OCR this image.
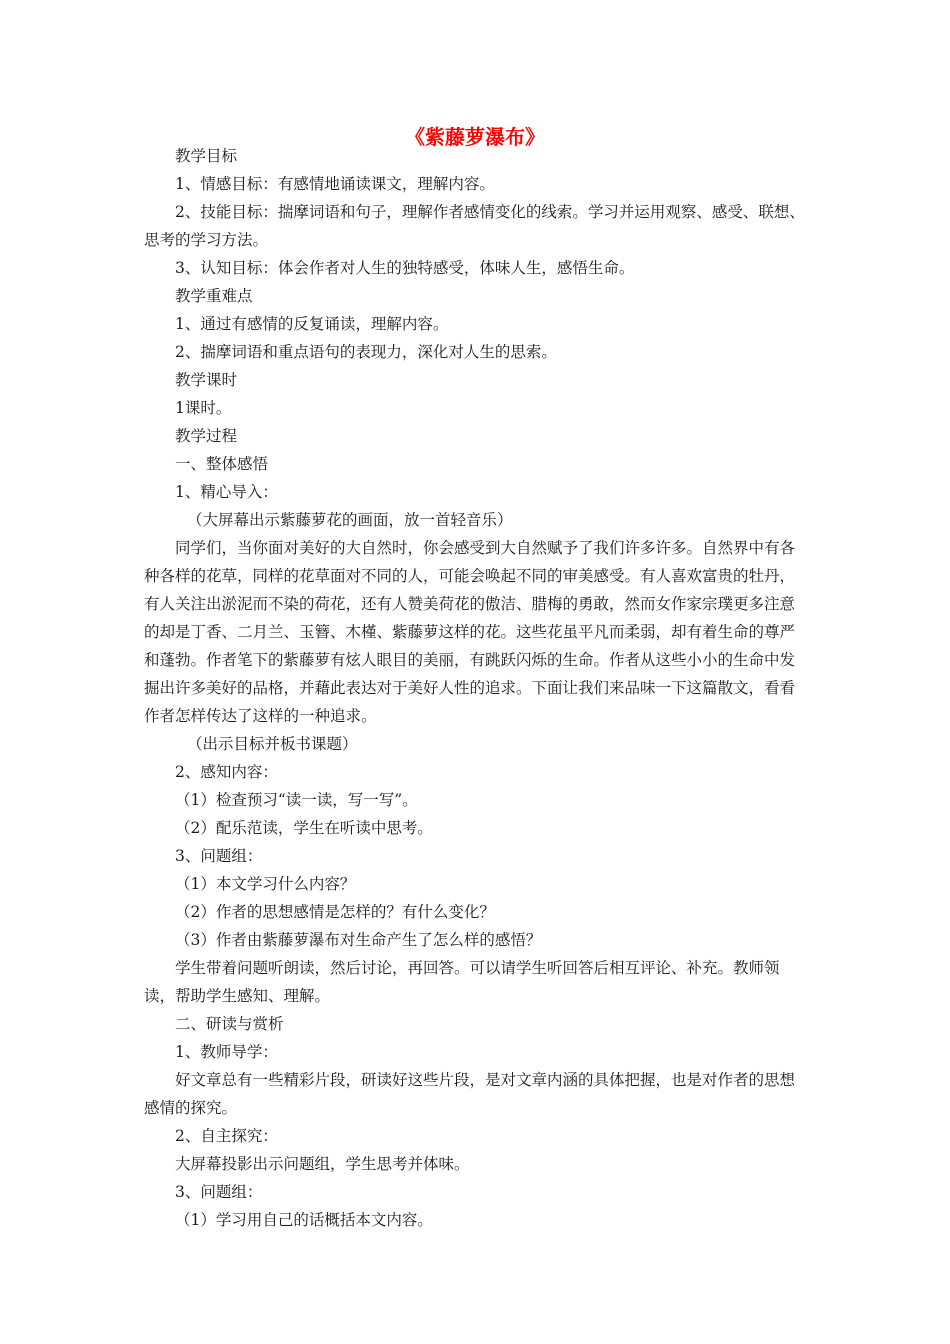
《紫藤萝瀑布》

教学目标

1、情感目标：有感情地诵读课文，理解内容。

2、技能目标：揣摩词语和句子，理解作者感情变化的线索。学习并运用观察、感受、联想、思考的学习方法。

3、认知目标：体会作者对人生的独特感受，体味人生，感悟生命。

教学重难点

1、通过有感情的反复诵读，理解内容。

2、揣摩词语和重点语句的表现力，深化对人生的思索。

教学课时

1课时。

教学过程

一、整体感悟

1、精心导入：

（大屏幕出示紫藤萝花的画面，放一首轻音乐）

同学们，当你面对美好的大自然时，你会感受到大自然赋予了我们许多许多。自然界中有各种各样的花草，同样的花草面对不同的人，可能会唤起不同的审美感受。有人喜欢富贵的牡丹，有人关注出淤泥而不染的荷花，还有人赞美荷花的傲洁、腊梅的勇敢，然而女作家宗璞更多注意的却是丁香、二月兰、玉簪、木槿、紫藤萝这样的花。这些花虽平凡而柔弱，却有着生命的尊严和蓬勃。作者笔下的紫藤萝有炫人眼目的美丽，有跳跃闪烁的生命。作者从这些小小的生命中发掘出许多美好的品格，并藉此表达对于美好人性的追求。下面让我们来品味一下这篇散文，看看作者怎样传达了这样的一种追求。

（出示目标并板书课题）

2、感知内容：

（1）检查预习“读一读，写一写”。

（2）配乐范读，学生在听读中思考。

3、问题组：

（1）本文学习什么内容？

（2）作者的思想感情是怎样的？有什么变化？

（3）作者由紫藤萝瀑布对生命产生了怎么样的感悟？

学生带着问题听朗读，然后讨论，再回答。可以请学生听回答后相互评论、补充。教师领读，帮助学生感知、理解。

二、研读与赏析

1、教师导学：

好文章总有一些精彩片段，研读好这些片段，是对文章内涵的具体把握，也是对作者的思想感情的探究。

2、自主探究：

大屏幕投影出示问题组，学生思考并体味。

3、问题组：

（1）学习用自己的话概括本文内容。
